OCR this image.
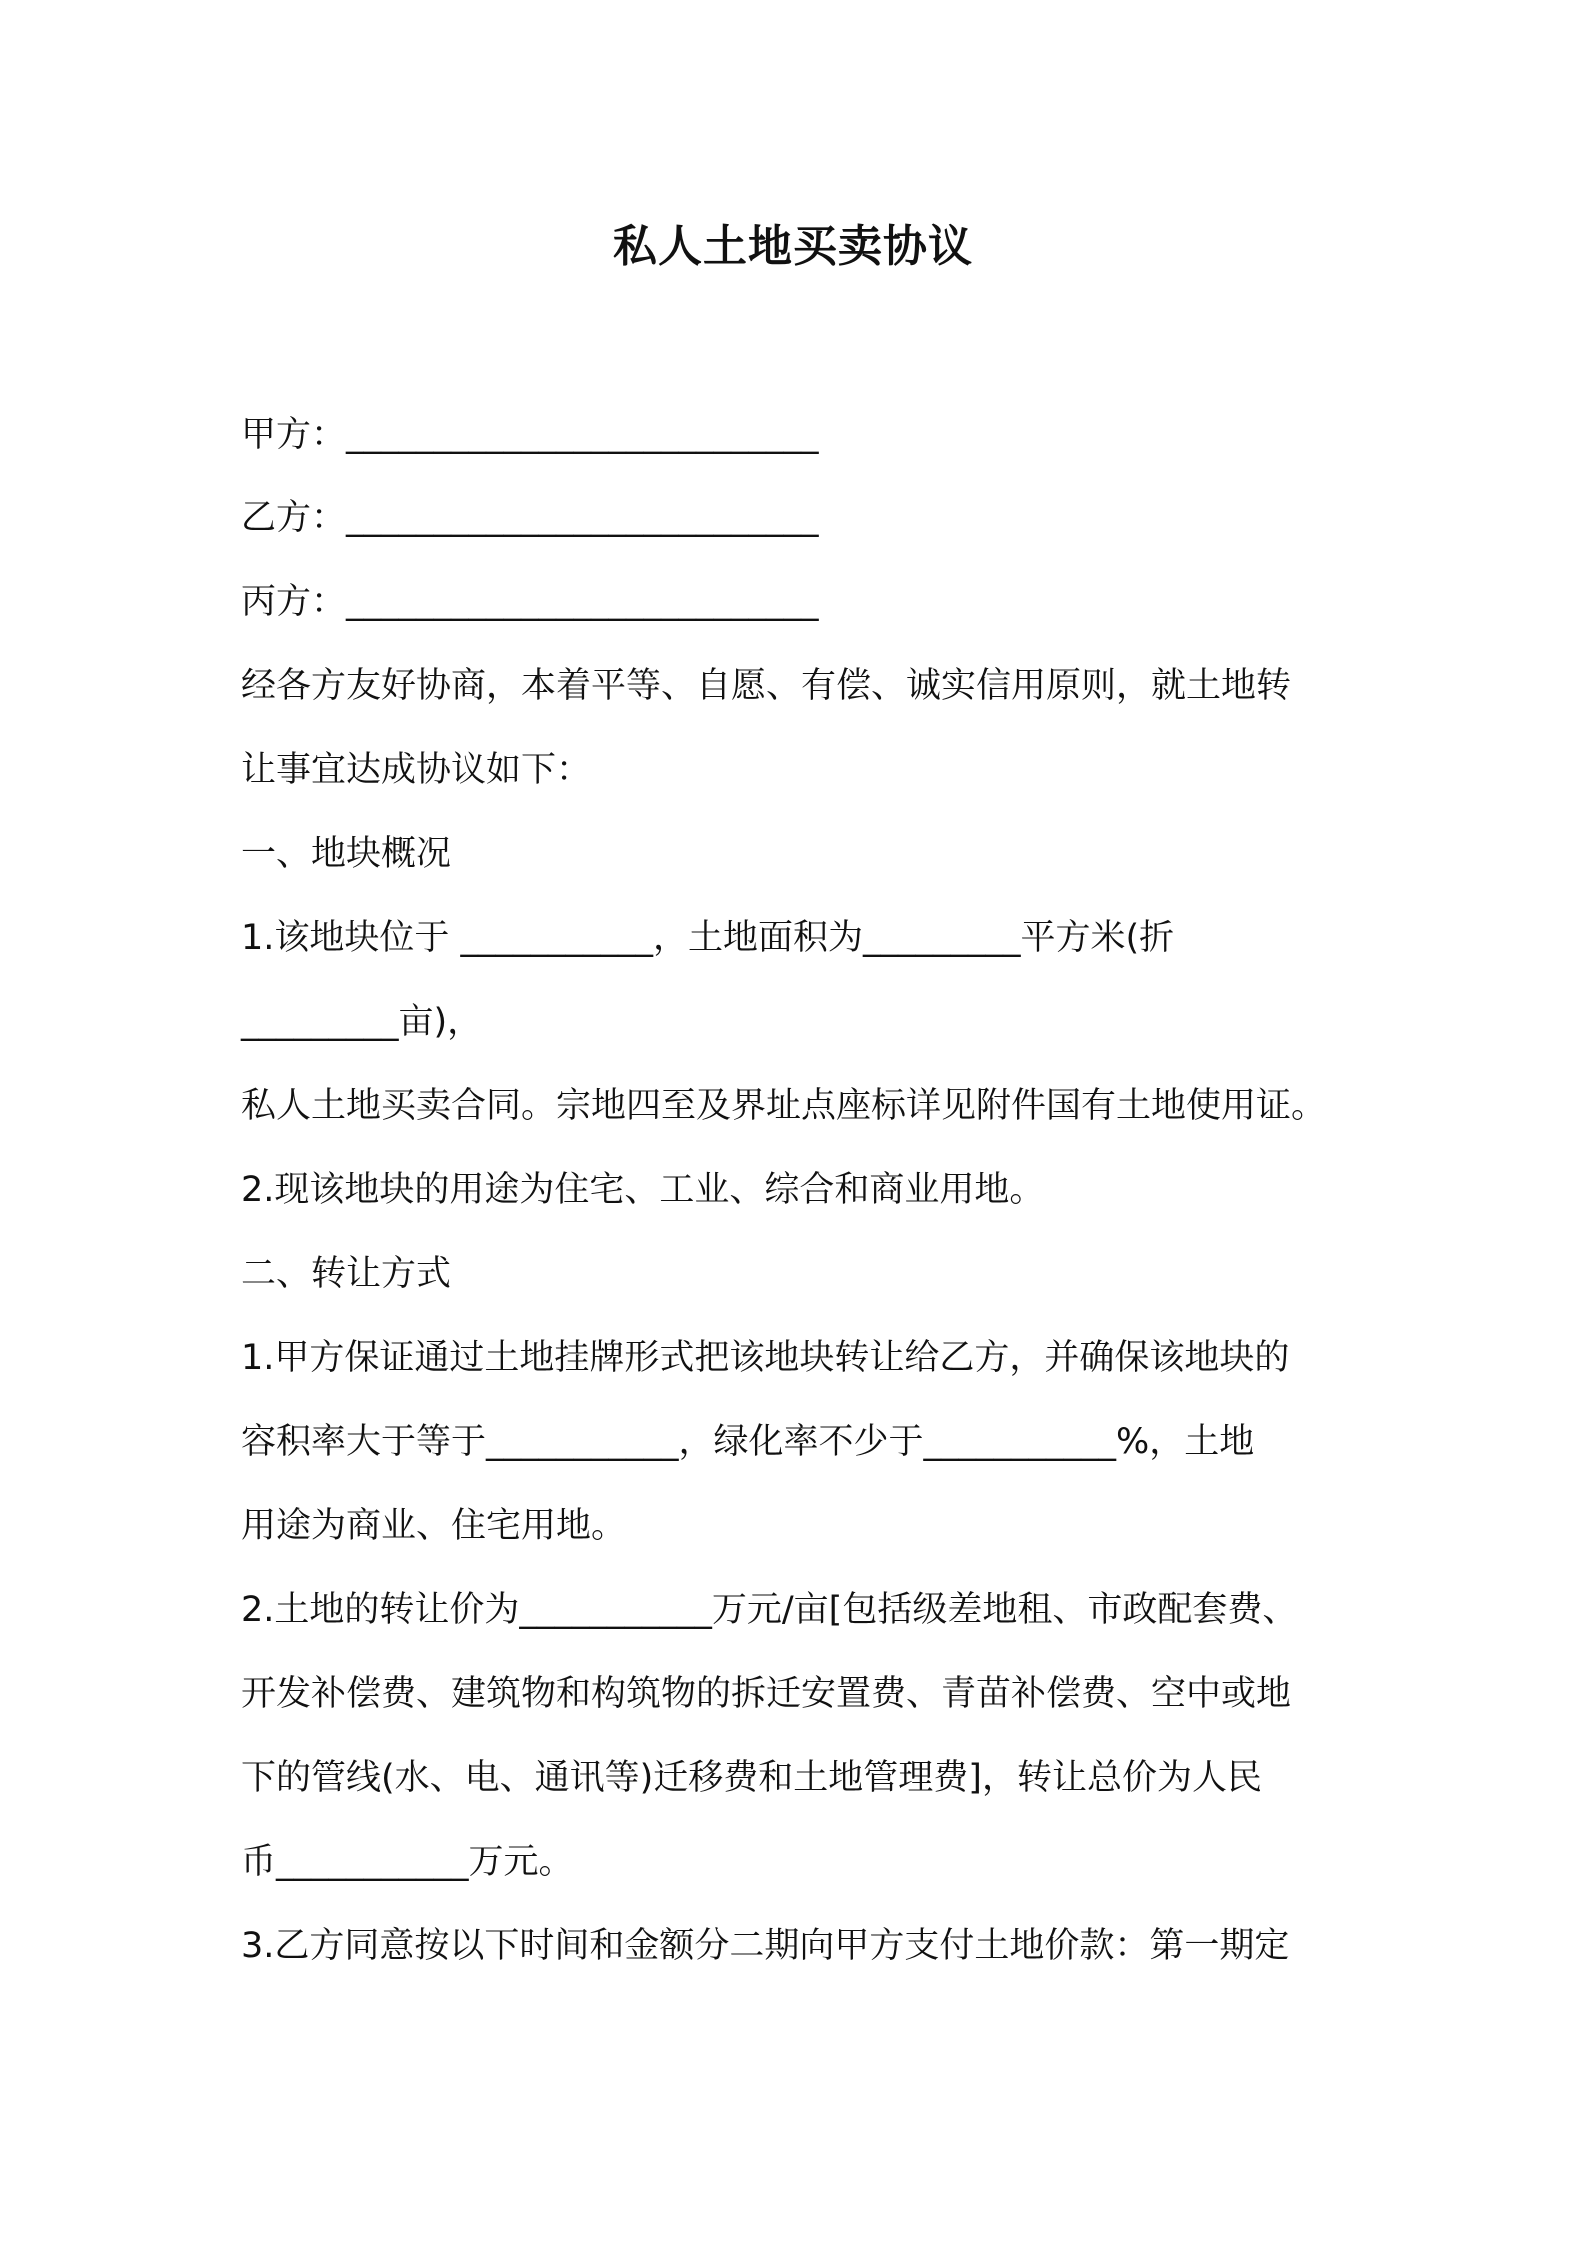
私人土地买卖协议
甲方：___________________________
乙方：___________________________
丙方：___________________________
经各方友好协商，本着平等、自愿、有偿、诚实信用原则，就土地转
让事宜达成协议如下：
一、地块概况
1.该地块位于 ___________，土地面积为_________平方米(折
_________亩)，
私人土地买卖合同。宗地四至及界址点座标详见附件国有土地使用证。
2.现该地块的用途为住宅、工业、综合和商业用地。
二、转让方式
1.甲方保证通过土地挂牌形式把该地块转让给乙方，并确保该地块的
容积率大于等于___________，绿化率不少于___________%，土地
用途为商业、住宅用地。
2.土地的转让价为___________万元/亩[包括级差地租、市政配套费、
开发补偿费、建筑物和构筑物的拆迁安置费、青苗补偿费、空中或地
下的管线(水、电、通讯等)迁移费和土地管理费]，转让总价为人民
币___________万元。
3.乙方同意按以下时间和金额分二期向甲方支付土地价款：第一期定
